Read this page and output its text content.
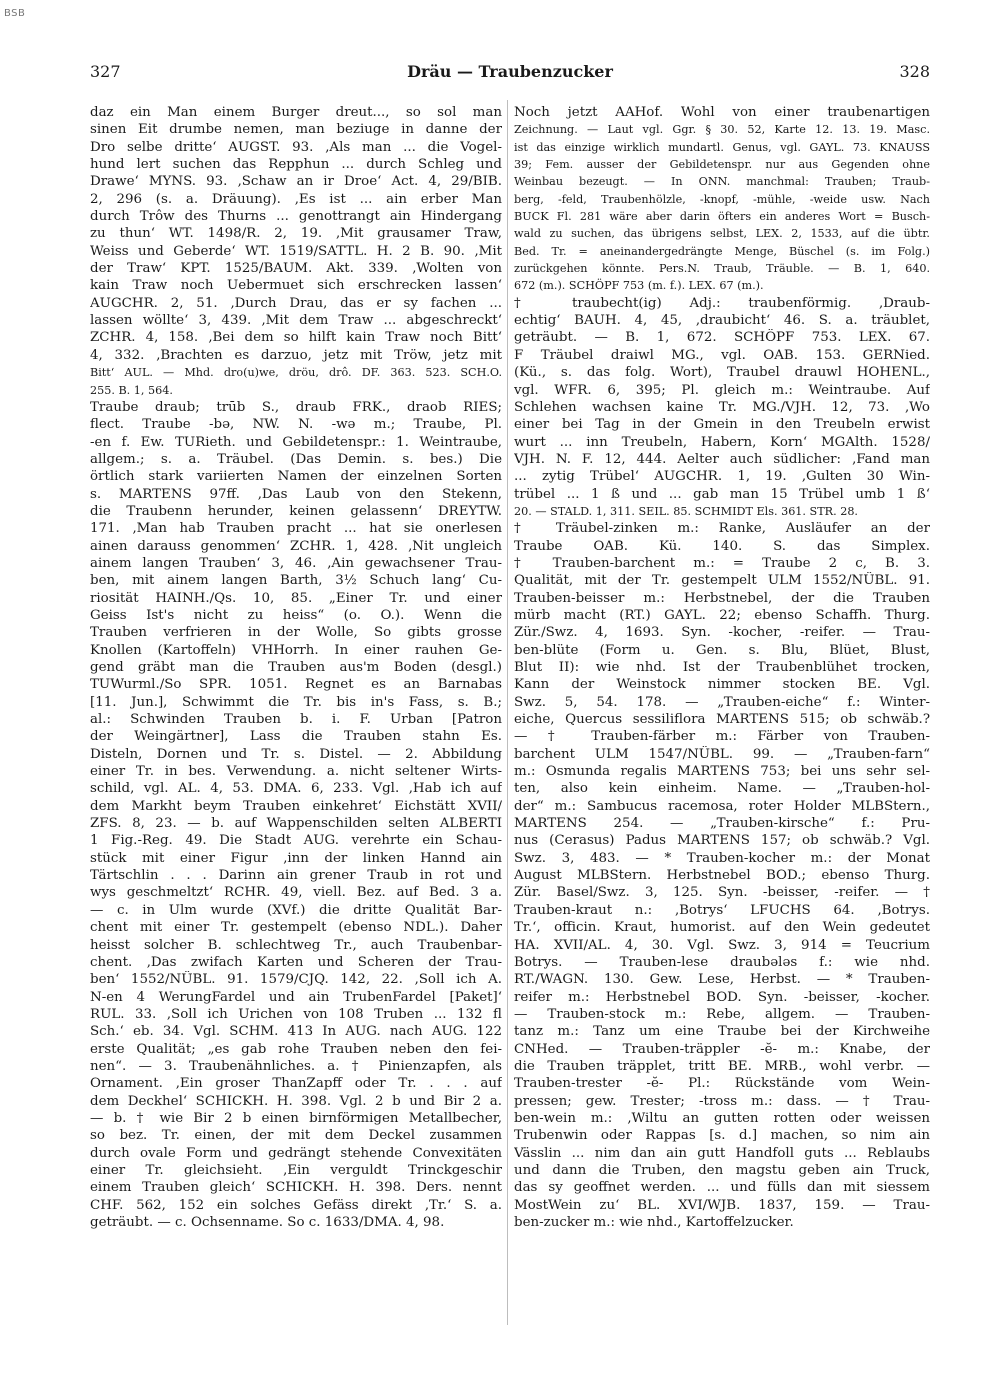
BSB
327	Dräu — Traubenzucker	328
daz ein Man einem Burger dreut..., so sol man
sinen Eit drumbe nemen, man beziuge in danne der
Dro selbe dritte‘ AUGST. 93. ‚Als man ... die Vogel-
hund lert suchen das Repphun ... durch Schleg und
Drawe‘ MYNS. 93. ‚Schaw an ir Droe‘ Act. 4, 29/BIB.
2, 296 (s. a. Dräuung). ‚Es ist ... ain erber Man
durch Trôw des Thurns ... genottrangt ain Hindergang
zu thun‘ WT. 1498/R. 2, 19. ‚Mit grausamer Traw,
Weiss und Geberde‘ WT. 1519/SATTL. H. 2 B. 90. ‚Mit
der Traw‘ KPT. 1525/BAUM. Akt. 339. ‚Wolten von
kain Traw noch Uebermuet sich erschrecken lassen‘
AUGCHR. 2, 51. ‚Durch Drau, das er sy fachen ...
lassen wöllte‘ 3, 439. ‚Mit dem Traw ... abgeschreckt‘
ZCHR. 4, 158. ‚Bei dem so hilft kain Traw noch Bitt‘
4, 332. ‚Brachten es darzuo, jetz mit Tröw, jetz mit
Bitt‘ AUL. — Mhd. dro(u)we, dröu, drô. DF. 363. 523. SCH.O.
255. B. 1, 564.
Traube draub; trūb S., draub FRK., draob RIES;
flect. Traube -bə, NW. N. -wə m.; Traube, Pl.
-en f. Ew. TURieth. und Gebildetenspr.: 1. Weintraube,
allgem.; s. a. Träubel. (Das Demin. s. bes.) Die
örtlich stark variierten Namen der einzelnen Sorten
s. MARTENS 97ff. ‚Das Laub von den Stekenn,
die Traubenn herunder, keinen gelassenn‘ DREYTW.
171. ‚Man hab Trauben pracht ... hat sie onerlesen
ainen darauss genommen‘ ZCHR. 1, 428. ‚Nit ungleich
ainem langen Trauben‘ 3, 46. ‚Ain gewachsener Trau-
ben, mit ainem langen Barth, 3½ Schuch lang‘ Cu-
riosität HAINH./Qs. 10, 85. „Einer Tr. und einer
Geiss Ist's nicht zu heiss“ (o. O.). Wenn die
Trauben verfrieren in der Wolle, So gibts grosse
Knollen (Kartoffeln) VHHorrh. In einer rauhen Ge-
gend gräbt man die Trauben aus'm Boden (desgl.)
TUWurml./So SPR. 1051. Regnet es an Barnabas
[11. Jun.], Schwimmt die Tr. bis in's Fass, s. B.;
al.: Schwinden Trauben b. i. F. Urban [Patron
der Weingärtner], Lass die Trauben stahn Es.
Disteln, Dornen und Tr. s. Distel. — 2. Abbildung
einer Tr. in bes. Verwendung. a. nicht seltener Wirts-
schild, vgl. AL. 4, 53. DMA. 6, 233. Vgl. ‚Hab ich auf
dem Markht beym Trauben einkehret‘ Eichstätt XVII/
ZFS. 8, 23. — b. auf Wappenschilden selten ALBERTI
1 Fig.-Reg. 49. Die Stadt AUG. verehrte ein Schau-
stück mit einer Figur ‚inn der linken Hannd ain
Tärtschlin . . . Darinn ain grener Traub in rot und
wys geschmeltzt‘ RCHR. 49, viell. Bez. auf Bed. 3 a.
— c. in Ulm wurde (XVf.) die dritte Qualität Bar-
chent mit einer Tr. gestempelt (ebenso NDL.). Daher
heisst solcher B. schlechtweg Tr., auch Traubenbar-
chent. ‚Das zwifach Karten und Scheren der Trau-
ben‘ 1552/NÜBL. 91. 1579/CJQ. 142, 22. ‚Soll ich A.
N-en 4 WerungFardel und ain TrubenFardel [Paket]‘
RUL. 33. ‚Soll ich Urichen von 108 Truben ... 132 fl
Sch.‘ eb. 34. Vgl. SCHM. 413 In AUG. nach AUG. 122
erste Qualität; „es gab rohe Trauben neben den fei-
nen“. — 3. Traubenähnliches. a. † Pinienzapfen, als
Ornament. ‚Ein groser ThanZapff oder Tr. . . . auf
dem Deckhel‘ SCHICKH. H. 398. Vgl. 2 b und Bir 2 a.
— b. † wie Bir 2 b einen birnförmigen Metallbecher,
so bez. Tr. einen, der mit dem Deckel zusammen
durch ovale Form und gedrängt stehende Convexitäten
einer Tr. gleichsieht. ‚Ein verguldt Trinckgeschir
einem Trauben gleich‘ SCHICKH. H. 398. Ders. nennt
CHF. 562, 152 ein solches Gefäss direkt ‚Tr.‘ S. a.
geträubt. — c. Ochsenname. So c. 1633/DMA. 4, 98.
Noch jetzt AAHof. Wohl von einer traubenartigen
Zeichnung. — Laut vgl. Ggr. § 30. 52, Karte 12. 13. 19. Masc.
ist das einzige wirklich mundartl. Genus, vgl. GAYL. 73. KNAUSS
39; Fem. ausser der Gebildetenspr. nur aus Gegenden ohne
Weinbau bezeugt. — In ONN. manchmal: Trauben; Traub-
berg, -feld, Traubenhölzle, -knopf, -mühle, -weide usw. Nach
BUCK Fl. 281 wäre aber darin öfters ein anderes Wort = Busch-
wald zu suchen, das übrigens selbst, LEX. 2, 1533, auf die übtr.
Bed. Tr. = aneinandergedrängte Menge, Büschel (s. im Folg.)
zurückgehen könnte. Pers.N. Traub, Träuble. — B. 1, 640.
672 (m.). SCHÖPF 753 (m. f.). LEX. 67 (m.).
† traubecht(ig) Adj.: traubenförmig. ‚Draub-
echtig‘ BAUH. 4, 45, ‚draubicht‘ 46. S. a. träublet,
geträubt. — B. 1, 672. SCHÖPF 753. LEX. 67.
F Träubel draiwl MG., vgl. OAB. 153. GERNied.
(Kü., s. das folg. Wort), Traubel drauwl HOHENL.,
vgl. WFR. 6, 395; Pl. gleich m.: Weintraube. Auf
Schlehen wachsen kaine Tr. MG./VJH. 12, 73. ‚Wo
einer bei Tag in der Gmein in den Treubeln erwist
wurt ... inn Treubeln, Habern, Korn‘ MGAlth. 1528/
VJH. N. F. 12, 444. Aelter auch südlicher: ‚Fand man
... zytig Trübel‘ AUGCHR. 1, 19. ‚Gulten 30 Win-
trübel ... 1 ß und ... gab man 15 Trübel umb 1 ß‘
20. — STALD. 1, 311. SEIL. 85. SCHMIDT Els. 361. STR. 28.
† Träubel-zinken m.: Ranke, Ausläufer an der
Traube OAB. Kü. 140. S. das Simplex.
† Trauben-barchent m.: = Traube 2 c, B. 3.
Qualität, mit der Tr. gestempelt ULM 1552/NÜBL. 91.
Trauben-beisser m.: Herbstnebel, der die Trauben
mürb macht (RT.) GAYL. 22; ebenso Schaffh. Thurg.
Zür./Swz. 4, 1693. Syn. -kocher, -reifer. — Trau-
ben-blüte (Form u. Gen. s. Blu, Blüet, Blust,
Blut II): wie nhd. Ist der Traubenblühet trocken,
Kann der Weinstock nimmer stocken BE. Vgl.
Swz. 5, 54. 178. — „Trauben-eiche“ f.: Winter-
eiche, Quercus sessiliflora MARTENS 515; ob schwäb.?
— † Trauben-färber m.: Färber von Trauben-
barchent ULM 1547/NÜBL. 99. — „Trauben-farn“
m.: Osmunda regalis MARTENS 753; bei uns sehr sel-
ten, also kein einheim. Name. — „Trauben-hol-
der“ m.: Sambucus racemosa, roter Holder MLBStern.,
MARTENS 254. — „Trauben-kirsche“ f.: Pru-
nus (Cerasus) Padus MARTENS 157; ob schwäb.? Vgl.
Swz. 3, 483. — * Trauben-kocher m.: der Monat
August MLBStern. Herbstnebel BOD.; ebenso Thurg.
Zür. Basel/Swz. 3, 125. Syn. -beisser, -reifer. — †
Trauben-kraut n.: ‚Botrys‘ LFUCHS 64. ‚Botrys.
Tr.‘, officin. Kraut, humorist. auf den Wein gedeutet
HA. XVII/AL. 4, 30. Vgl. Swz. 3, 914 = Teucrium
Botrys. — Trauben-lese draubələs f.: wie nhd.
RT./WAGN. 130. Gew. Lese, Herbst. — * Trauben-
reifer m.: Herbstnebel BOD. Syn. -beisser, -kocher.
— Trauben-stock m.: Rebe, allgem. — Trauben-
tanz m.: Tanz um eine Traube bei der Kirchweihe
CNHed. — Trauben-träppler -ĕ- m.: Knabe, der
die Trauben träpplet, tritt BE. MRB., wohl verbr. —
Trauben-trester -ĕ- Pl.: Rückstände vom Wein-
pressen; gew. Trester; -tross m.: dass. — † Trau-
ben-wein m.: ‚Wiltu an gutten rotten oder weissen
Trubenwin oder Rappas [s. d.] machen, so nim ain
Vässlin ... nim dan ain gutt Handfoll guts ... Reblaubs
und dann die Truben, den magstu geben ain Truck,
das sy geoffnet werden. ... und fülls dan mit siessem
MostWein zu‘ BL. XVI/WJB. 1837, 159. — Trau-
ben-zucker m.: wie nhd., Kartoffelzucker.
